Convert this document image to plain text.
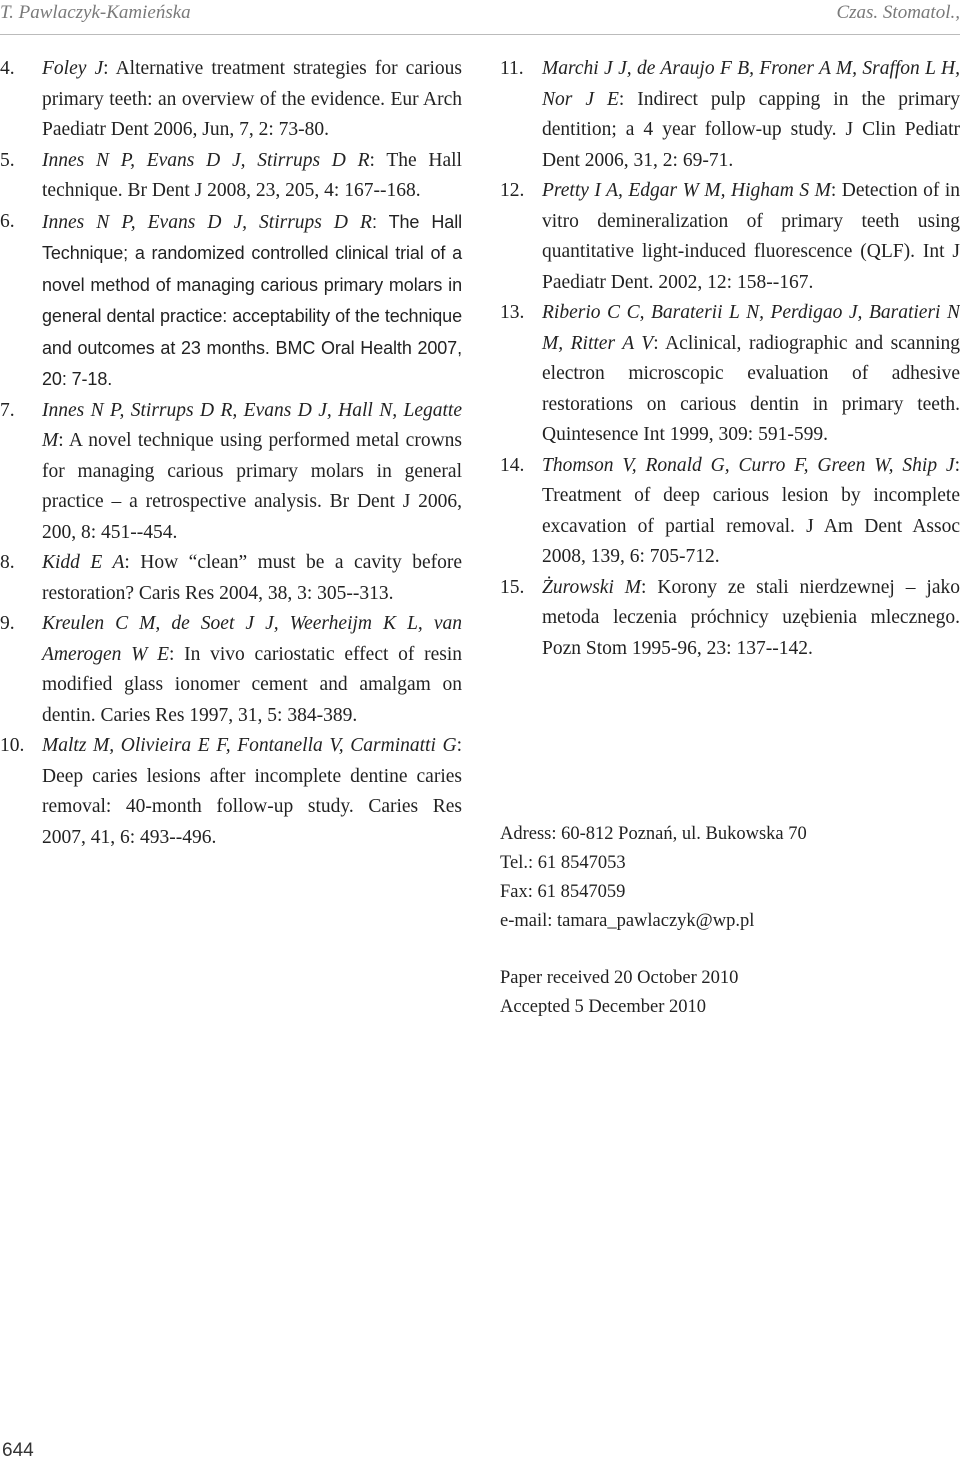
T. Pawlaczyk-Kamieńska	Czas. Stomatol.,
4.	Foley J: Alternative treatment strategies for carious primary teeth: an overview of the evidence. Eur Arch Paediatr Dent 2006, Jun, 7, 2: 73-80.
5.	Innes N P, Evans D J, Stirrups D R: The Hall technique. Br Dent J 2008, 23, 205, 4: 167--168.
6.	Innes N P, Evans D J, Stirrups D R: The Hall Technique; a randomized controlled clinical trial of a novel method of managing carious primary molars in general dental practice: acceptability of the technique and outcomes at 23 months. BMC Oral Health 2007, 20: 7-18.
7.	Innes N P, Stirrups D R, Evans D J, Hall N, Legatte M: A novel technique using performed metal crowns for managing carious primary molars in general practice – a retrospective analysis. Br Dent J 2006, 200, 8: 451--454.
8.	Kidd E A: How “clean” must be a cavity before restoration? Caris Res 2004, 38, 3: 305--313.
9.	Kreulen C M, de Soet J J, Weerheijm K L, van Amerogen W E: In vivo cariostatic effect of resin modified glass ionomer cement and amalgam on dentin. Caries Res 1997, 31, 5: 384-389.
10. Maltz M, Olivieira E F, Fontanella V, Carminatti G: Deep caries lesions after incomplete dentine caries removal: 40-month follow-up study. Caries Res 2007, 41, 6: 493--496.
11. Marchi J J, de Araujo F B, Froner A M, Sraffon L H, Nor J E: Indirect pulp capping in the primary dentition; a 4 year follow-up study. J Clin Pediatr Dent 2006, 31, 2: 69-71.
12. Pretty I A, Edgar W M, Higham S M: Detection of in vitro demineralization of primary teeth using quantitative light-induced fluorescence (QLF). Int J Paediatr Dent. 2002, 12: 158--167.
13. Riberio C C, Baraterii L N, Perdigao J, Baratieri N M, Ritter A V: Aclinical, radiographic and scanning electron microscopic evaluation of adhesive restorations on carious dentin in primary teeth. Quintesence Int 1999, 309: 591-599.
14. Thomson V, Ronald G, Curro F, Green W, Ship J: Treatment of deep carious lesion by incomplete excavation of partial removal. J Am Dent Assoc 2008, 139, 6: 705-712.
15. Żurowski M: Korony ze stali nierdzewnej – jako metoda leczenia próchnicy uzębienia mlecznego. Pozn Stom 1995-96, 23: 137--142.
Adress: 60-812 Poznań, ul. Bukowska 70
Tel.: 61 8547053
Fax: 61 8547059
e-mail: tamara_pawlaczyk@wp.pl
Paper received 20 October 2010
Accepted 5 December 2010
644
